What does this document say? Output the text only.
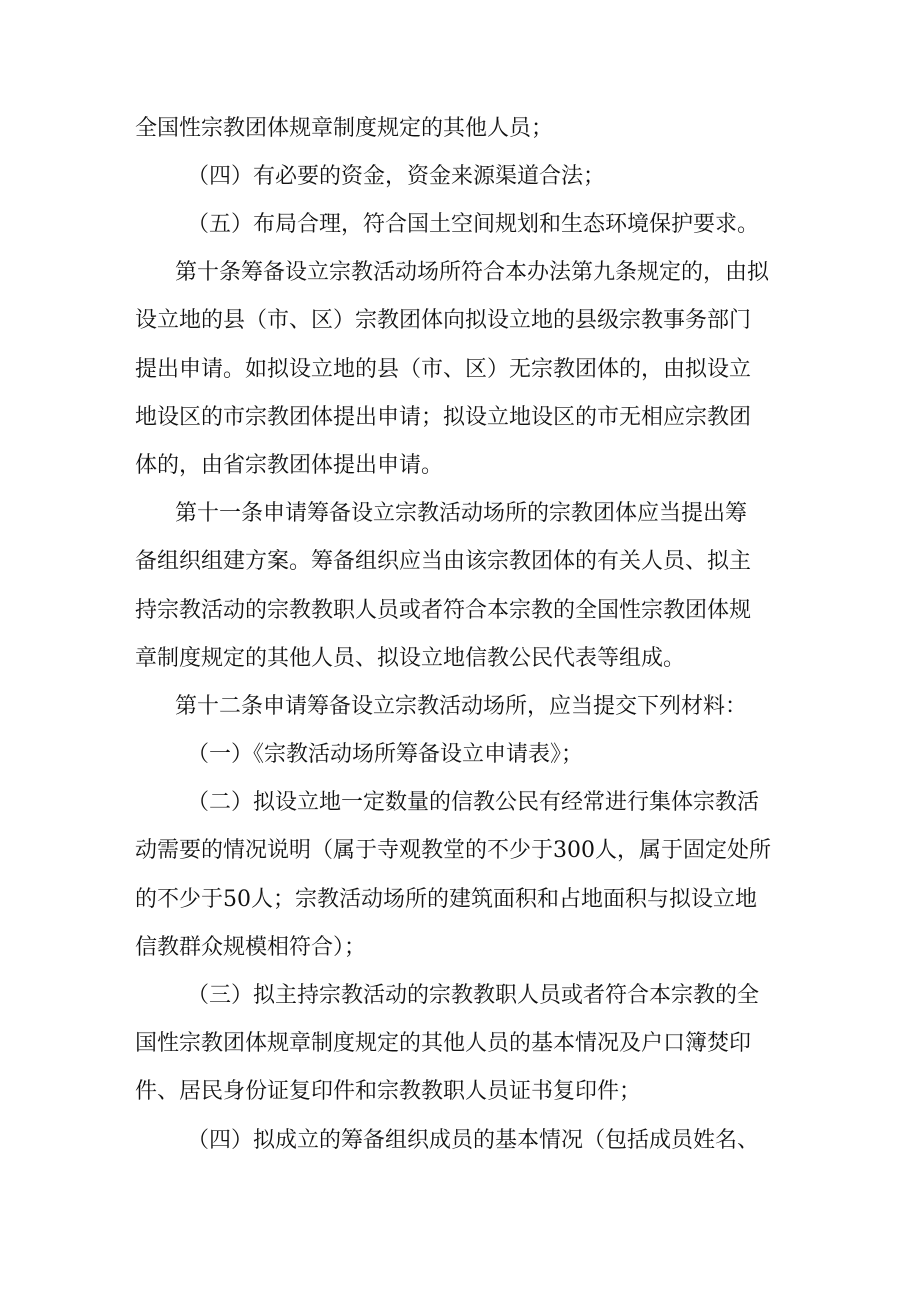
全国性宗教团体规章制度规定的其他人员；

（四）有必要的资金，资金来源渠道合法；

（五）布局合理，符合国土空间规划和生态环境保护要求。

第十条筹备设立宗教活动场所符合本办法第九条规定的，由拟

设立地的县（市、区）宗教团体向拟设立地的县级宗教事务部门

提出申请。如拟设立地的县（市、区）无宗教团体的，由拟设立

地设区的市宗教团体提出申请；拟设立地设区的市无相应宗教团

体的，由省宗教团体提出申请。

第十一条申请筹备设立宗教活动场所的宗教团体应当提出筹

备组织组建方案。筹备组织应当由该宗教团体的有关人员、拟主

持宗教活动的宗教教职人员或者符合本宗教的全国性宗教团体规

章制度规定的其他人员、拟设立地信教公民代表等组成。

第十二条申请筹备设立宗教活动场所，应当提交下列材料：

（一）《宗教活动场所筹备设立申请表》；

（二）拟设立地一定数量的信教公民有经常进行集体宗教活

动需要的情况说明（属于寺观教堂的不少于300人，属于固定处所

的不少于50人；宗教活动场所的建筑面积和占地面积与拟设立地

信教群众规模相符合）；

（三）拟主持宗教活动的宗教教职人员或者符合本宗教的全

国性宗教团体规章制度规定的其他人员的基本情况及户口簿焚印

件、居民身份证复印件和宗教教职人员证书复印件；

（四）拟成立的筹备组织成员的基本情况（包括成员姓名、
